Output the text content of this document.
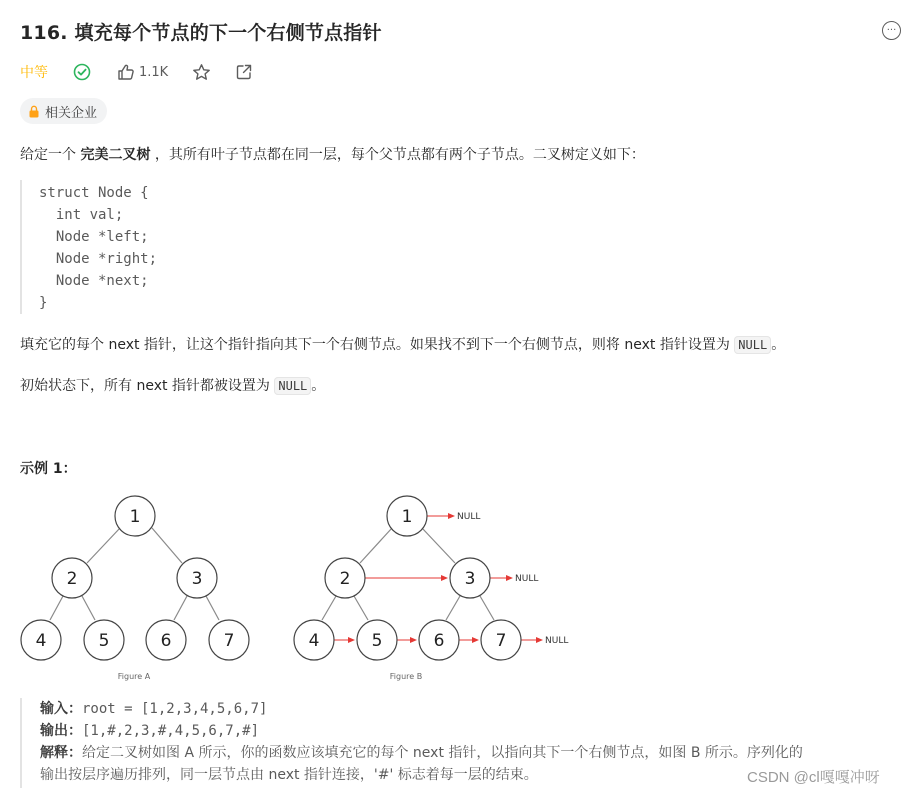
116. 填充每个节点的下一个右侧节点指针	···
中等	1.1K
相关企业
给定一个 完美二叉树 ，其所有叶子节点都在同一层，每个父节点都有两个子节点。二叉树定义如下：
struct Node {
int val;
Node *left;
Node *right;
Node *next;
}
填充它的每个 next 指针，让这个指针指向其下一个右侧节点。如果找不到下一个右侧节点，则将 next 指针设置为 NULL 。
初始状态下，所有 next 指针都被设置为 NULL 。
示例 1：
1
2	3
4	5	6	7
Figure A
1
2	3
4	5	6	7
NULL
NULL
NULL
Figure B
输入：root = [1,2,3,4,5,6,7]
输出：[1,#,2,3,#,4,5,6,7,#]
解释：给定二叉树如图 A 所示，你的函数应该填充它的每个 next 指针，以指向其下一个右侧节点，如图 B 所示。序列化的
输出按层序遍历排列，同一层节点由 next 指针连接，'#' 标志着每一层的结束。	CSDN @cl嘎嘎冲呀
